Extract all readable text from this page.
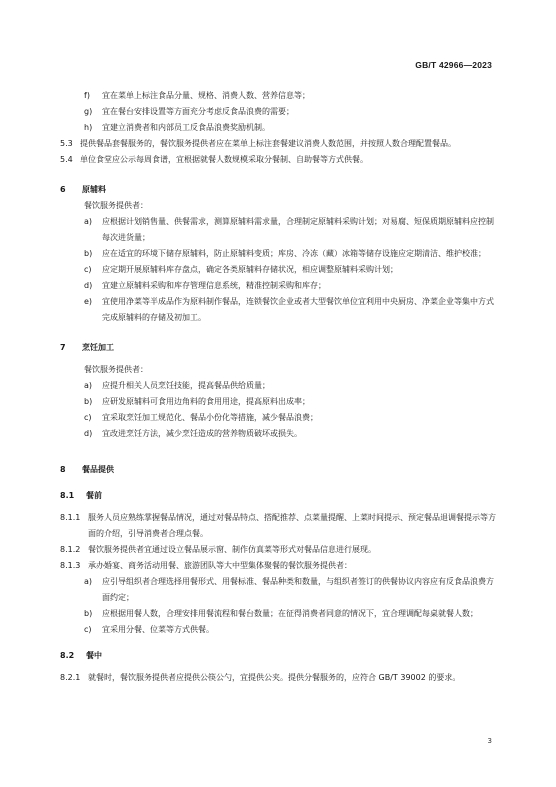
GB/T 42966—2023
f)	宜在菜单上标注食品分量、规格、消费人数、营养信息等；
g)	宜在餐台安排设置等方面充分考虑反食品浪费的需要；
h)	宜建立消费者和内部员工反食品浪费奖励机制。
5.3 提供餐品套餐服务的，餐饮服务提供者应在菜单上标注套餐建议消费人数范围，并按照人数合理配置餐品。
5.4 单位食堂应公示每周食谱，宜根据就餐人数规模采取分餐制、自助餐等方式供餐。
6	原辅料
餐饮服务提供者：
a)	应根据计划销售量、供餐需求，测算原辅料需求量，合理制定原辅料采购计划；对易腐、短保质期原辅料应控制每次进货量；
b)	应在适宜的环境下储存原辅料，防止原辅料变质；库房、冷冻（藏）冰箱等储存设施应定期清洁、维护校准；
c)	应定期开展原辅料库存盘点，确定各类原辅料存储状况，相应调整原辅料采购计划；
d)	宜建立原辅料采购和库存管理信息系统，精准控制采购和库存；
e)	宜使用净菜等半成品作为原料制作餐品，连锁餐饮企业或者大型餐饮单位宜利用中央厨房、净菜企业等集中方式完成原辅料的存储及初加工。
7	烹饪加工
餐饮服务提供者：
a)	应提升相关人员烹饪技能，提高餐品供给质量；
b)	应研发原辅料可食用边角料的食用用途，提高原料出成率；
c)	宜采取烹饪加工规范化、餐品小份化等措施，减少餐品浪费；
d)	宜改进烹饪方法，减少烹饪造成的营养物质破坏或损失。
8	餐品提供
8.1	餐前
8.1.1 服务人员应熟练掌握餐品情况，通过对餐品特点、搭配推荐、点菜量提醒、上菜时间提示、预定餐品退调餐提示等方面的介绍，引导消费者合理点餐。
8.1.2 餐饮服务提供者宜通过设立餐品展示窗、制作仿真菜等形式对餐品信息进行展现。
8.1.3 承办婚宴、商务活动用餐、旅游团队等大中型集体聚餐的餐饮服务提供者：
a)	应引导组织者合理选择用餐形式、用餐标准、餐品种类和数量，与组织者签订的供餐协议内容应有反食品浪费方面约定；
b)	应根据用餐人数，合理安排用餐流程和餐台数量；在征得消费者同意的情况下，宜合理调配每桌就餐人数；
c)	宜采用分餐、位菜等方式供餐。
8.2	餐中
8.2.1 就餐时，餐饮服务提供者应提供公筷公勺，宜提供公夹。提供分餐服务的，应符合 GB/T 39002 的要求。
3
